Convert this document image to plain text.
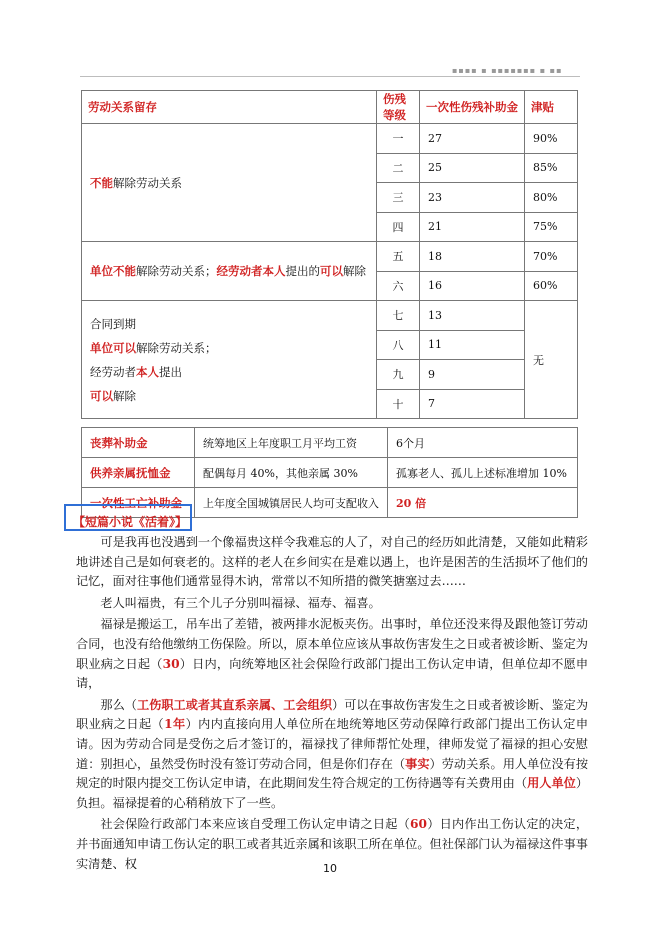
▪▪▪▪ ▪ ▪▪▪▪▪▪▪ ▪ ▪▪
劳动关系留存	伤残等级	一次性伤残补助金	津贴

不能解除劳动关系	一	27	90%
	二	25	85%
	三	23	80%
	四	21	75%

单位不能解除劳动关系；经劳动者本人提出的可以解除	五	18	70%
	六	16	60%

合同到期
单位可以解除劳动关系；
经劳动者本人提出
可以解除	七	13	无
	八	11	
	九	9	
	十	7	
丧葬补助金	统筹地区上年度职工月平均工资	6个月
供养亲属抚恤金	配偶每月 40%，其他亲属 30%	孤寡老人、孤儿上述标准增加 10%
一次性工亡补助金	上年度全国城镇居民人均可支配收入	20 倍
【短篇小说《活着》】

可是我再也没遇到一个像福贵这样令我难忘的人了，对自己的经历如此清楚，又能如此精彩地讲述自己是如何衰老的。这样的老人在乡间实在是难以遇上，也许是困苦的生活损坏了他们的记忆，面对往事他们通常显得木讷，常常以不知所措的微笑搪塞过去……

老人叫福贵，有三个儿子分别叫福禄、福寿、福喜。

福禄是搬运工，吊车出了差错，被两排水泥板夹伤。出事时，单位还没来得及跟他签订劳动合同，也没有给他缴纳工伤保险。所以，原本单位应该从事故伤害发生之日或者被诊断、鉴定为职业病之日起（30）日内，向统筹地区社会保险行政部门提出工伤认定申请，但单位却不愿申请，

那么（工伤职工或者其直系亲属、工会组织）可以在事故伤害发生之日或者被诊断、鉴定为职业病之日起（1年）内内直接向用人单位所在地统筹地区劳动保障行政部门提出工伤认定申请。因为劳动合同是受伤之后才签订的，福禄找了律师帮忙处理，律师发觉了福禄的担心安慰道：别担心，虽然受伤时没有签订劳动合同，但是你们存在（事实）劳动关系。用人单位没有按规定的时限内提交工伤认定申请，在此期间发生符合规定的工伤待遇等有关费用由（用人单位）负担。福禄提着的心稍稍放下了一些。

社会保险行政部门本来应该自受理工伤认定申请之日起（60）日内作出工伤认定的决定，并书面通知申请工伤认定的职工或者其近亲属和该职工所在单位。但社保部门认为福禄这件事事实清楚、权	10
